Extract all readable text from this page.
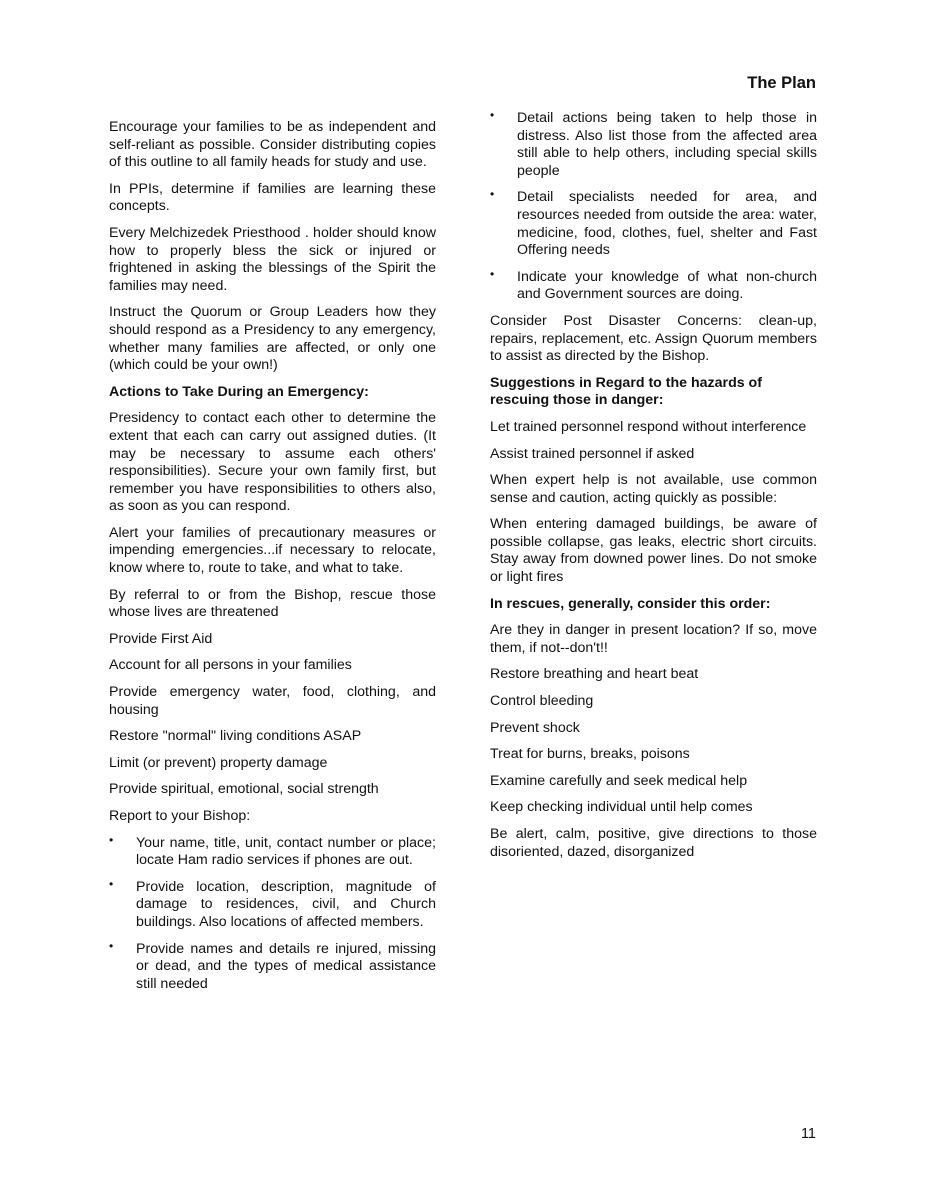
The Plan

Encourage your families to be as independent and self-reliant as possible. Consider distributing copies of this outline to all family heads for study and use.

In PPIs, determine if families are learning these concepts.

Every Melchizedek Priesthood . holder should know how to properly bless the sick or injured or frightened in asking the blessings of the Spirit the families may need.

Instruct the Quorum or Group Leaders how they should respond as a Presidency to any emergency, whether many families are affected, or only one (which could be your own!)

Actions to Take During an Emergency:

Presidency to contact each other to determine the extent that each can carry out assigned duties. (It may be necessary to assume each others' responsibilities). Secure your own family first, but remember you have responsibilities to others also, as soon as you can respond.

Alert your families of precautionary measures or impending emergencies...if necessary to relocate, know where to, route to take, and what to take.

By referral to or from the Bishop, rescue those whose lives are threatened

Provide First Aid

Account for all persons in your families

Provide emergency water, food, clothing, and housing

Restore "normal" living conditions ASAP

Limit (or prevent) property damage

Provide spiritual, emotional, social strength

Report to your Bishop:

• Your name, title, unit, contact number or place; locate Ham radio services if phones are out.
• Provide location, description, magnitude of damage to residences, civil, and Church buildings. Also locations of affected members.
• Provide names and details re injured, missing or dead, and the types of medical assistance still needed
• Detail actions being taken to help those in distress. Also list those from the affected area still able to help others, including special skills people
• Detail specialists needed for area, and resources needed from outside the area: water, medicine, food, clothes, fuel, shelter and Fast Offering needs
• Indicate your knowledge of what non-church and Government sources are doing.

Consider Post Disaster Concerns: clean-up, repairs, replacement, etc. Assign Quorum members to assist as directed by the Bishop.

Suggestions in Regard to the hazards of rescuing those in danger:

Let trained personnel respond without interference

Assist trained personnel if asked

When expert help is not available, use common sense and caution, acting quickly as possible:

When entering damaged buildings, be aware of possible collapse, gas leaks, electric short circuits. Stay away from downed power lines. Do not smoke or light fires

In rescues, generally, consider this order:

Are they in danger in present location? If so, move them, if not--don't!!

Restore breathing and heart beat

Control bleeding

Prevent shock

Treat for burns, breaks, poisons

Examine carefully and seek medical help

Keep checking individual until help comes

Be alert, calm, positive, give directions to those disoriented, dazed, disorganized

11
